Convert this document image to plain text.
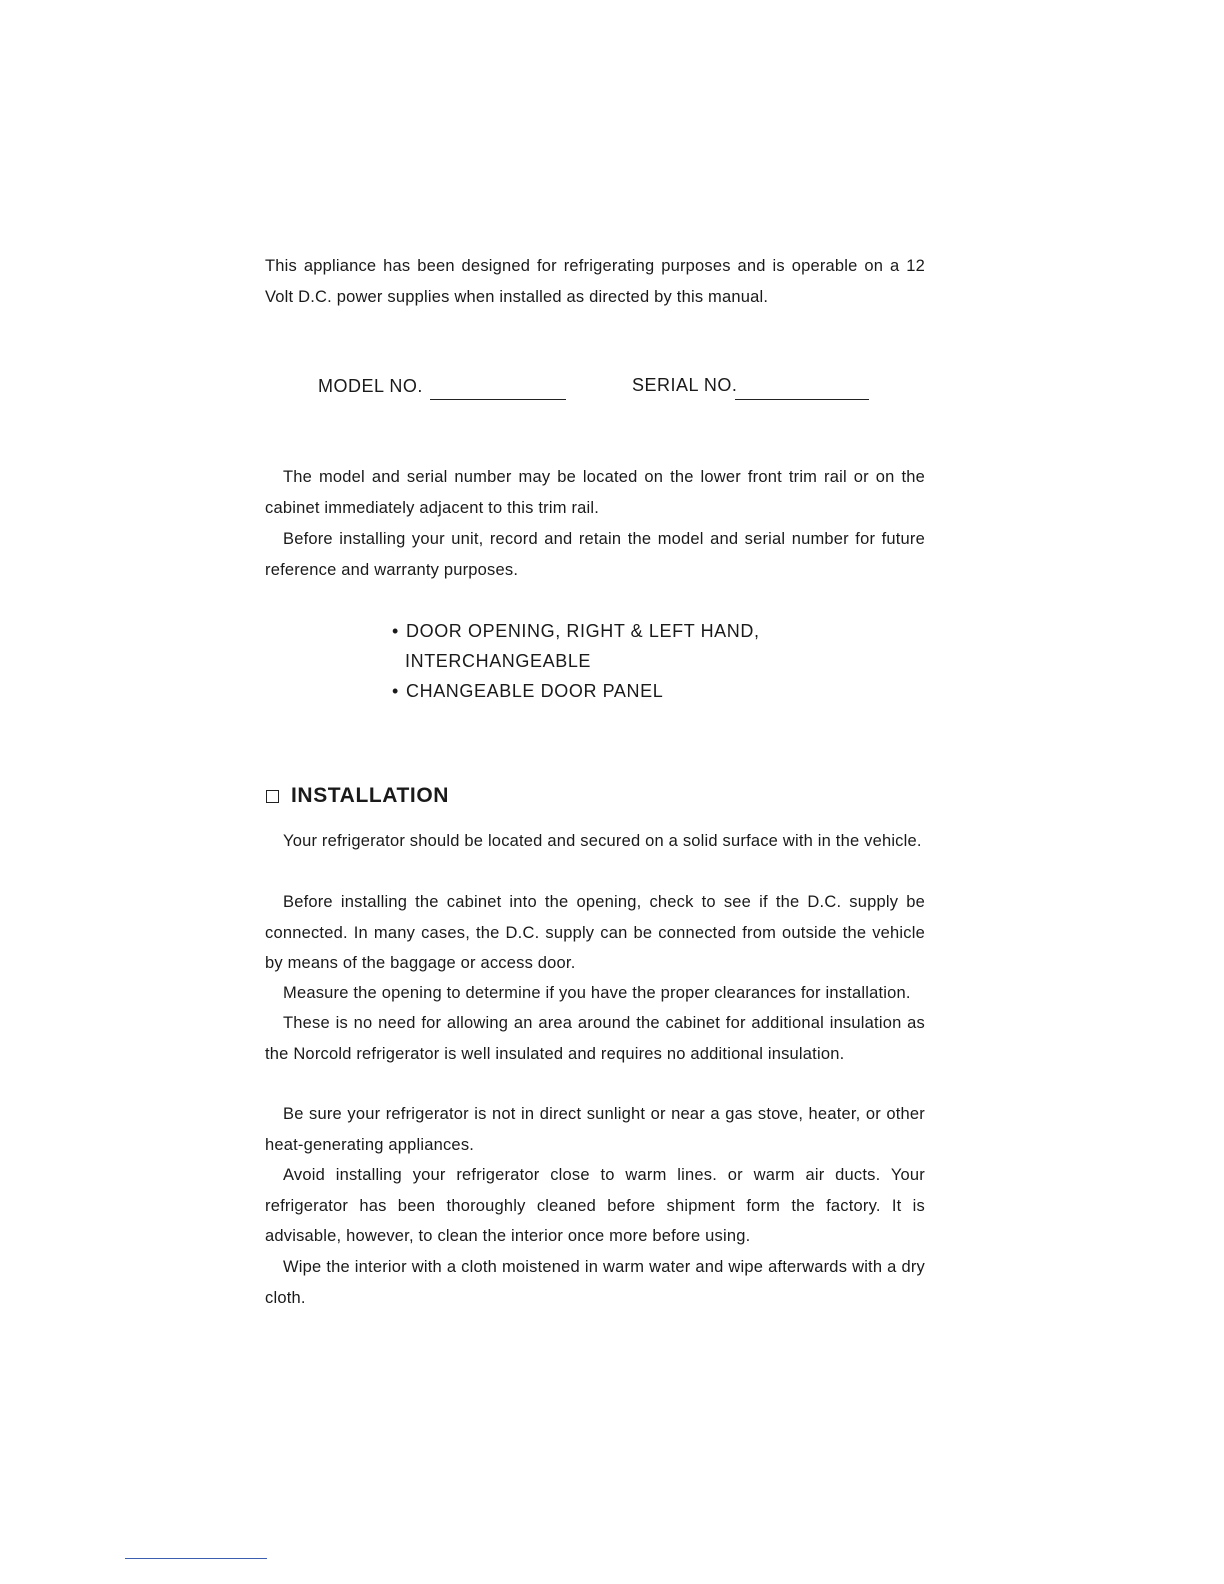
This appliance has been designed for refrigerating purposes and is operable on a 12 Volt D.C. power supplies when installed as directed by this manual.

MODEL NO.	SERIAL NO.
The model and serial number may be located on the lower front trim rail or on the cabinet immediately adjacent to this trim rail.
Before installing your unit, record and retain the model and serial number for future reference and warranty purposes.
• DOOR OPENING, RIGHT & LEFT HAND,
INTERCHANGEABLE
• CHANGEABLE DOOR PANEL
INSTALLATION
Your refrigerator should be located and secured on a solid surface with in the vehicle.
Before installing the cabinet into the opening, check to see if the D.C. supply be connected. In many cases, the D.C. supply can be connected from outside the vehicle by means of the baggage or access door.
Measure the opening to determine if you have the proper clearances for installation.
These is no need for allowing an area around the cabinet for additional insulation as the Norcold refrigerator is well insulated and requires no additional insulation.
Be sure your refrigerator is not in direct sunlight or near a gas stove, heater, or other heat-generating appliances.
Avoid installing your refrigerator close to warm lines. or warm air ducts. Your refrigerator has been thoroughly cleaned before shipment form the factory. It is advisable, however, to clean the interior once more before using.
Wipe the interior with a cloth moistened in warm water and wipe afterwards with a dry cloth.
